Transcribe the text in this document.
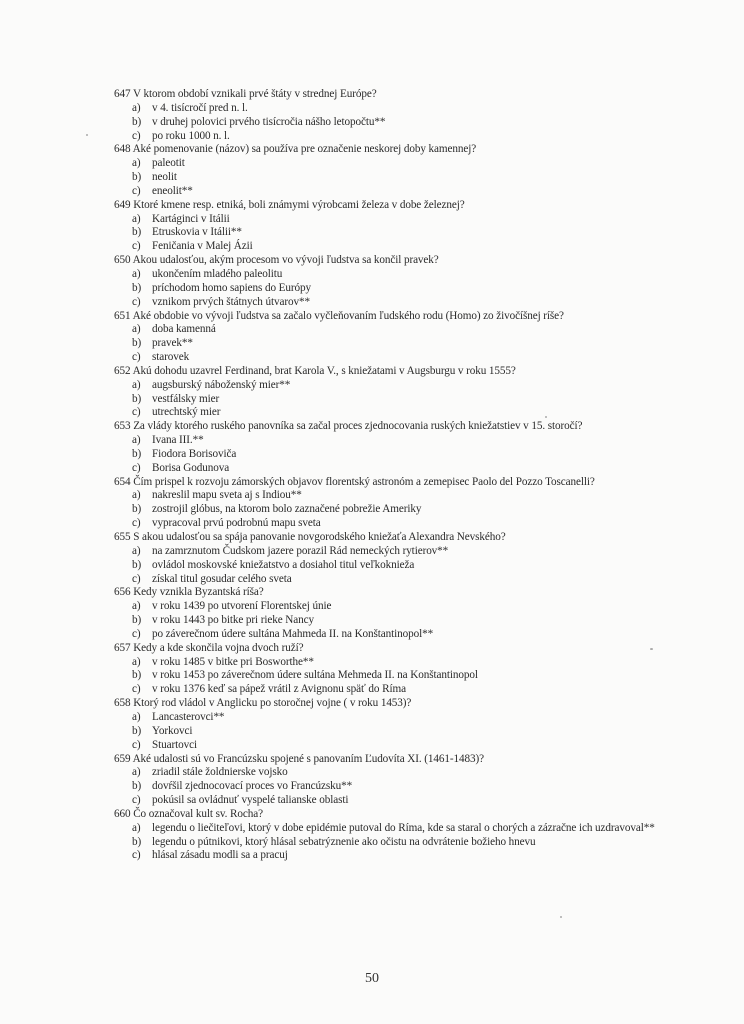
647 V ktorom období vznikali prvé štáty v strednej Európe?
a)	v 4. tisícročí pred n. l.
b) v druhej polovici prvého tisícročia nášho letopočtu**
c)	po roku 1000 n. l.
648 Aké pomenovanie (názov) sa používa pre označenie neskorej doby kamennej?
a)	paleotit
b) neolit
c)	eneolit**
649 Ktoré kmene resp. etniká, boli známymi výrobcami železa v dobe železnej?
a)	Kartáginci v Itálii
b) Etruskovia v Itálii**
c)	Feničania v Malej Ázii
650 Akou udalosťou, akým procesom vo vývoji ľudstva sa končil pravek?
a)	ukončením mladého paleolitu
b) príchodom homo sapiens do Európy
c)	vznikom prvých štátnych útvarov**
651 Aké obdobie vo vývoji ľudstva sa začalo vyčleňovaním ľudského rodu (Homo) zo živočíšnej ríše?
a)	doba kamenná
b) pravek**
c)	starovek
652 Akú dohodu uzavrel Ferdinand, brat Karola V., s kniežatami v Augsburgu v roku 1555?
a)	augsburský náboženský mier**
b) vestfálsky mier
c)	utrechtský mier
653 Za vlády ktorého ruského panovníka sa začal proces zjednocovania ruských kniežatstiev v 15. storočí?
a)	Ivana III.**
b) Fiodora Borisoviča
c)	Borisa Godunova
654 Čím prispel k rozvoju zámorských objavov florentský astronóm a zemepisec Paolo del Pozzo Toscanelli?
a)	nakreslil mapu sveta aj s Indiou**
b) zostrojil glóbus, na ktorom bolo zaznačené pobrežie Ameriky
c)	vypracoval prvú podrobnú mapu sveta
655 S akou udalosťou sa spája panovanie novgorodského kniežaťa Alexandra Nevského?
a)	na zamrznutom Čudskom jazere porazil Rád nemeckých rytierov**
b) ovládol moskovské kniežatstvo a dosiahol titul veľkoknieža
c)	získal titul gosudar celého sveta
656 Kedy vznikla Byzantská ríša?
a)	v roku 1439 po utvorení Florentskej únie
b) v roku 1443 po bitke pri rieke Nancy
c)	po záverečnom údere sultána Mahmeda II. na Konštantinopol**
657 Kedy a kde skončila vojna dvoch ruží?
a)	v roku 1485 v bitke pri Bosworthe**
b) v roku 1453 po záverečnom údere sultána Mehmeda II. na Konštantinopol
c)	v roku 1376 keď sa pápež vrátil z Avignonu späť do Ríma
658 Ktorý rod vládol v Anglicku po storočnej vojne ( v roku 1453)?
a)	Lancasterovci**
b) Yorkovci
c)	Stuartovci
659 Aké udalosti sú vo Francúzsku spojené s panovaním Ľudovíta XI. (1461-1483)?
a)	zriadil stále žoldnierske vojsko
b) dovŕšil zjednocovací proces vo Francúzsku**
c)	pokúsil sa ovládnuť vyspelé talianske oblasti
660 Čo označoval kult sv. Rocha?
a)	legendu o liečiteľovi, ktorý v dobe epidémie putoval do Ríma, kde sa staral o chorých a zázračne ich uzdravoval**
b) legendu o pútnikovi, ktorý hlásal sebatrýznenie ako očistu na odvrátenie božieho hnevu
c)	hlásal zásadu modli sa a pracuj
50
